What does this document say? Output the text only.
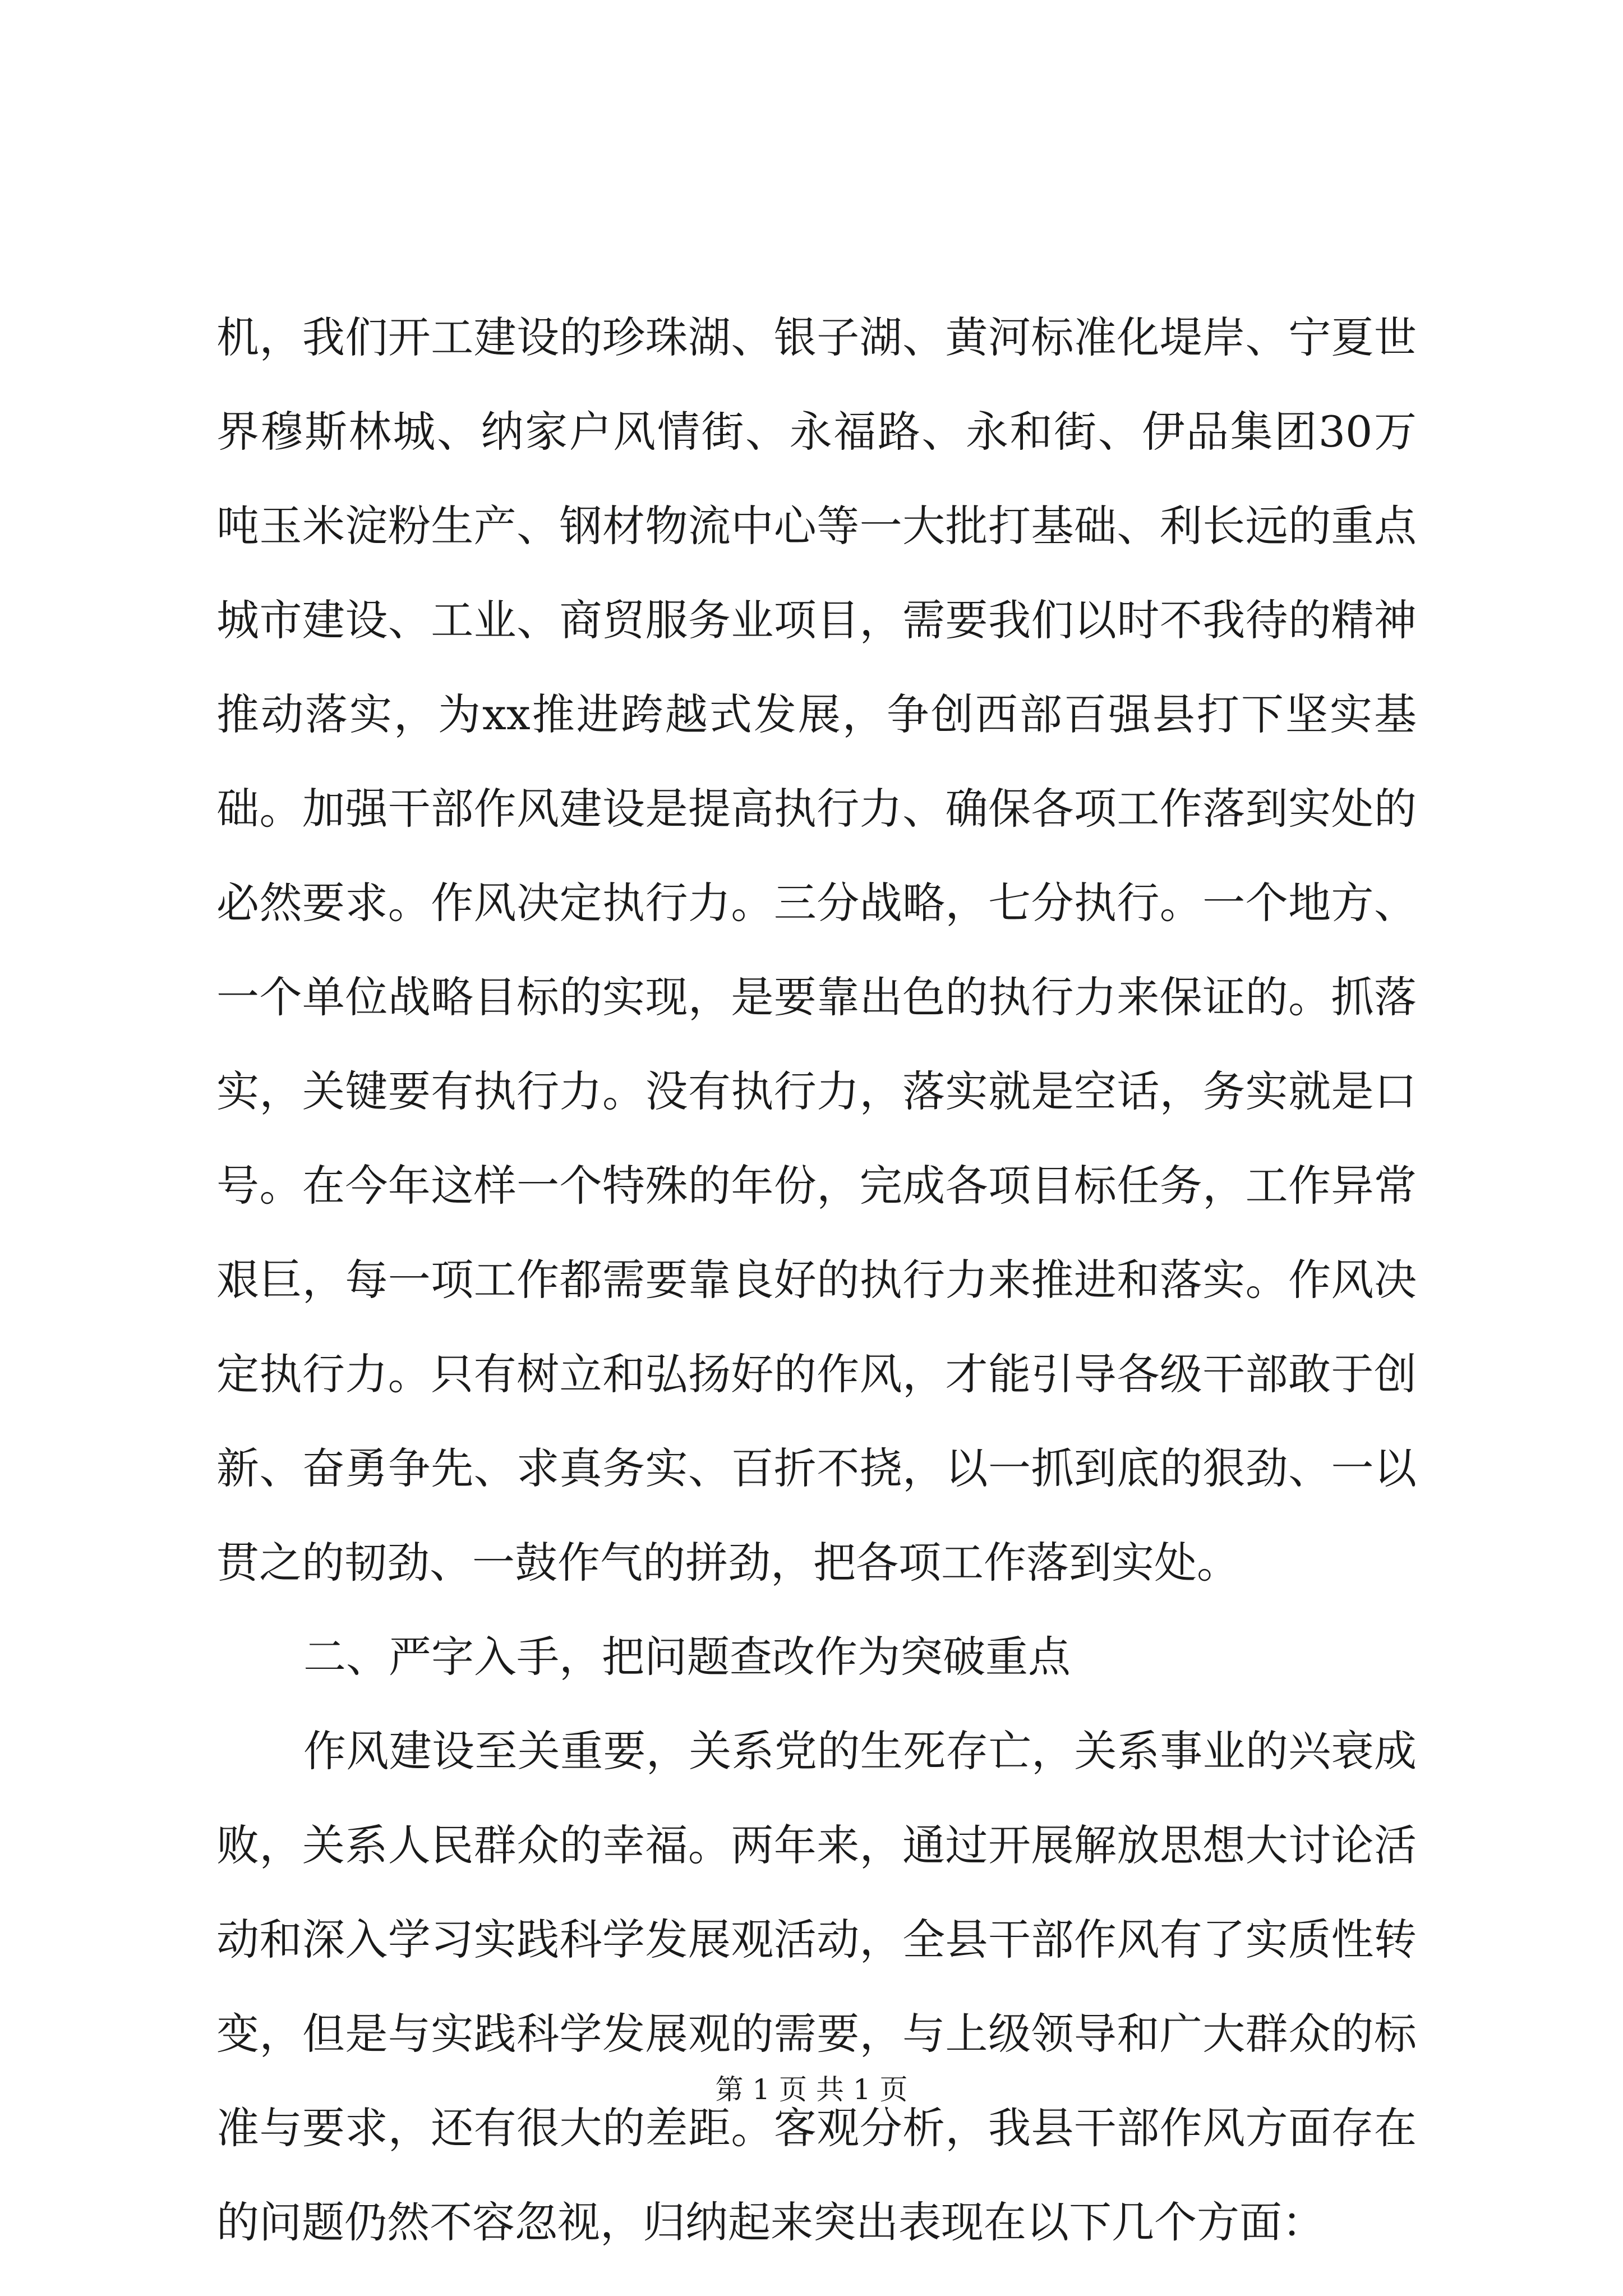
机，我们开工建设的珍珠湖、银子湖、黄河标准化堤岸、宁夏世
界穆斯林城、纳家户风情街、永福路、永和街、伊品集团30万
吨玉米淀粉生产、钢材物流中心等一大批打基础、利长远的重点
城市建设、工业、商贸服务业项目，需要我们以时不我待的精神
推动落实，为xx推进跨越式发展，争创西部百强县打下坚实基
础。加强干部作风建设是提高执行力、确保各项工作落到实处的
必然要求。作风决定执行力。三分战略，七分执行。一个地方、
一个单位战略目标的实现，是要靠出色的执行力来保证的。抓落
实，关键要有执行力。没有执行力，落实就是空话，务实就是口
号。在今年这样一个特殊的年份，完成各项目标任务，工作异常
艰巨，每一项工作都需要靠良好的执行力来推进和落实。作风决
定执行力。只有树立和弘扬好的作风，才能引导各级干部敢于创
新、奋勇争先、求真务实、百折不挠，以一抓到底的狠劲、一以
贯之的韧劲、一鼓作气的拼劲，把各项工作落到实处。
二、严字入手，把问题查改作为突破重点
作风建设至关重要，关系党的生死存亡，关系事业的兴衰成
败，关系人民群众的幸福。两年来，通过开展解放思想大讨论活
动和深入学习实践科学发展观活动，全县干部作风有了实质性转
变，但是与实践科学发展观的需要，与上级领导和广大群众的标
准与要求，还有很大的差距。客观分析，我县干部作风方面存在
的问题仍然不容忽视，归纳起来突出表现在以下几个方面：
第 1 页 共 1 页
